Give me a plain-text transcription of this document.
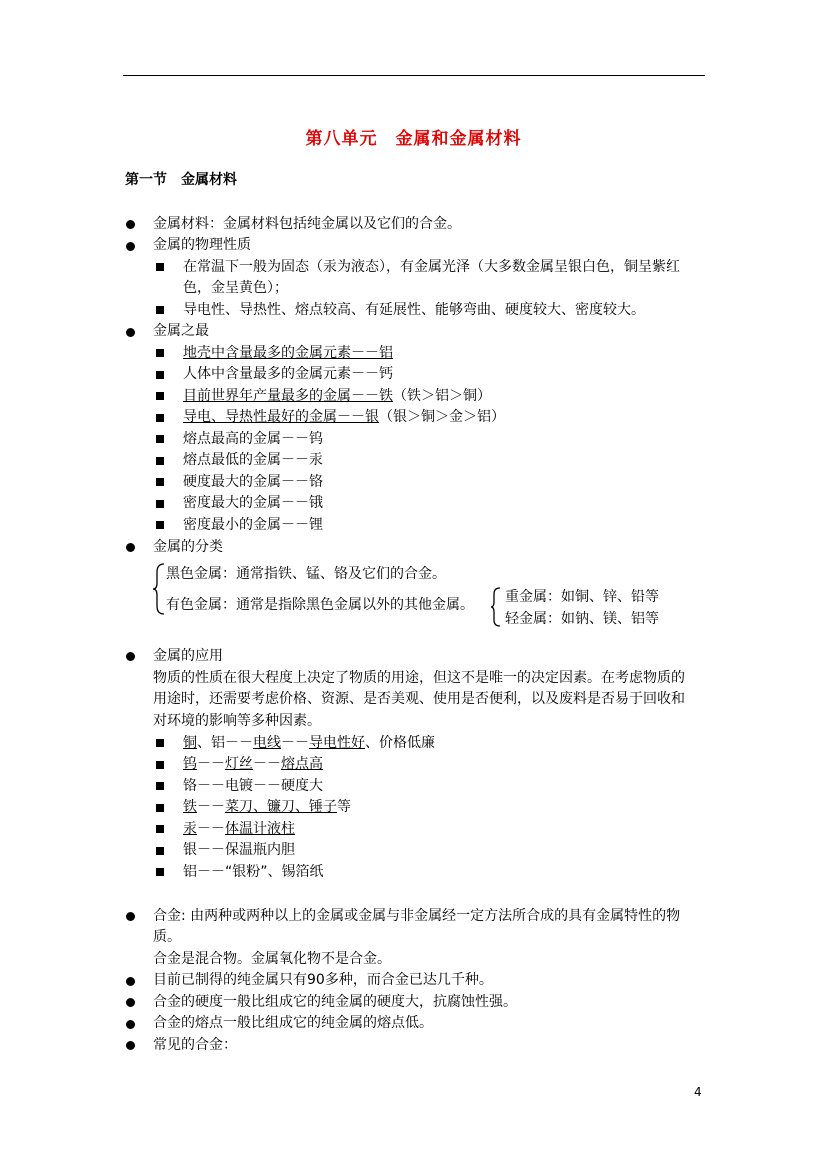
第八单元　金属和金属材料
第一节　金属材料
金属材料：金属材料包括纯金属以及它们的合金。
金属的物理性质
在常温下一般为固态（汞为液态），有金属光泽（大多数金属呈银白色，铜呈紫红
色，金呈黄色）；
导电性、导热性、熔点较高、有延展性、能够弯曲、硬度较大、密度较大。
金属之最
地壳中含量最多的金属元素－－铝
人体中含量最多的金属元素－－钙
目前世界年产量最多的金属－－铁（铁＞铝＞铜）
导电、导热性最好的金属－－银（银＞铜＞金＞铝）
熔点最高的金属－－钨
熔点最低的金属－－汞
硬度最大的金属－－铬
密度最大的金属－－锇
密度最小的金属－－锂
金属的分类
黑色金属：通常指铁、锰、铬及它们的合金。
有色金属：通常是指除黑色金属以外的其他金属。 重金属：如铜、锌、铅等
轻金属：如钠、镁、铝等
金属的应用
物质的性质在很大程度上决定了物质的用途，但这不是唯一的决定因素。在考虑物质的
用途时，还需要考虑价格、资源、是否美观、使用是否便利，以及废料是否易于回收和
对环境的影响等多种因素。
铜、铝－－电线－－导电性好、价格低廉
钨－－灯丝－－熔点高
铬－－电镀－－硬度大
铁－－菜刀、镰刀、锤子等
汞－－体温计液柱
银－－保温瓶内胆
铝－－“银粉”、锡箔纸
合金: 由两种或两种以上的金属或金属与非金属经一定方法所合成的具有金属特性的物
质。
合金是混合物。金属氧化物不是合金。
目前已制得的纯金属只有90多种，而合金已达几千种。
合金的硬度一般比组成它的纯金属的硬度大，抗腐蚀性强。
合金的熔点一般比组成它的纯金属的熔点低。
常见的合金：
4
